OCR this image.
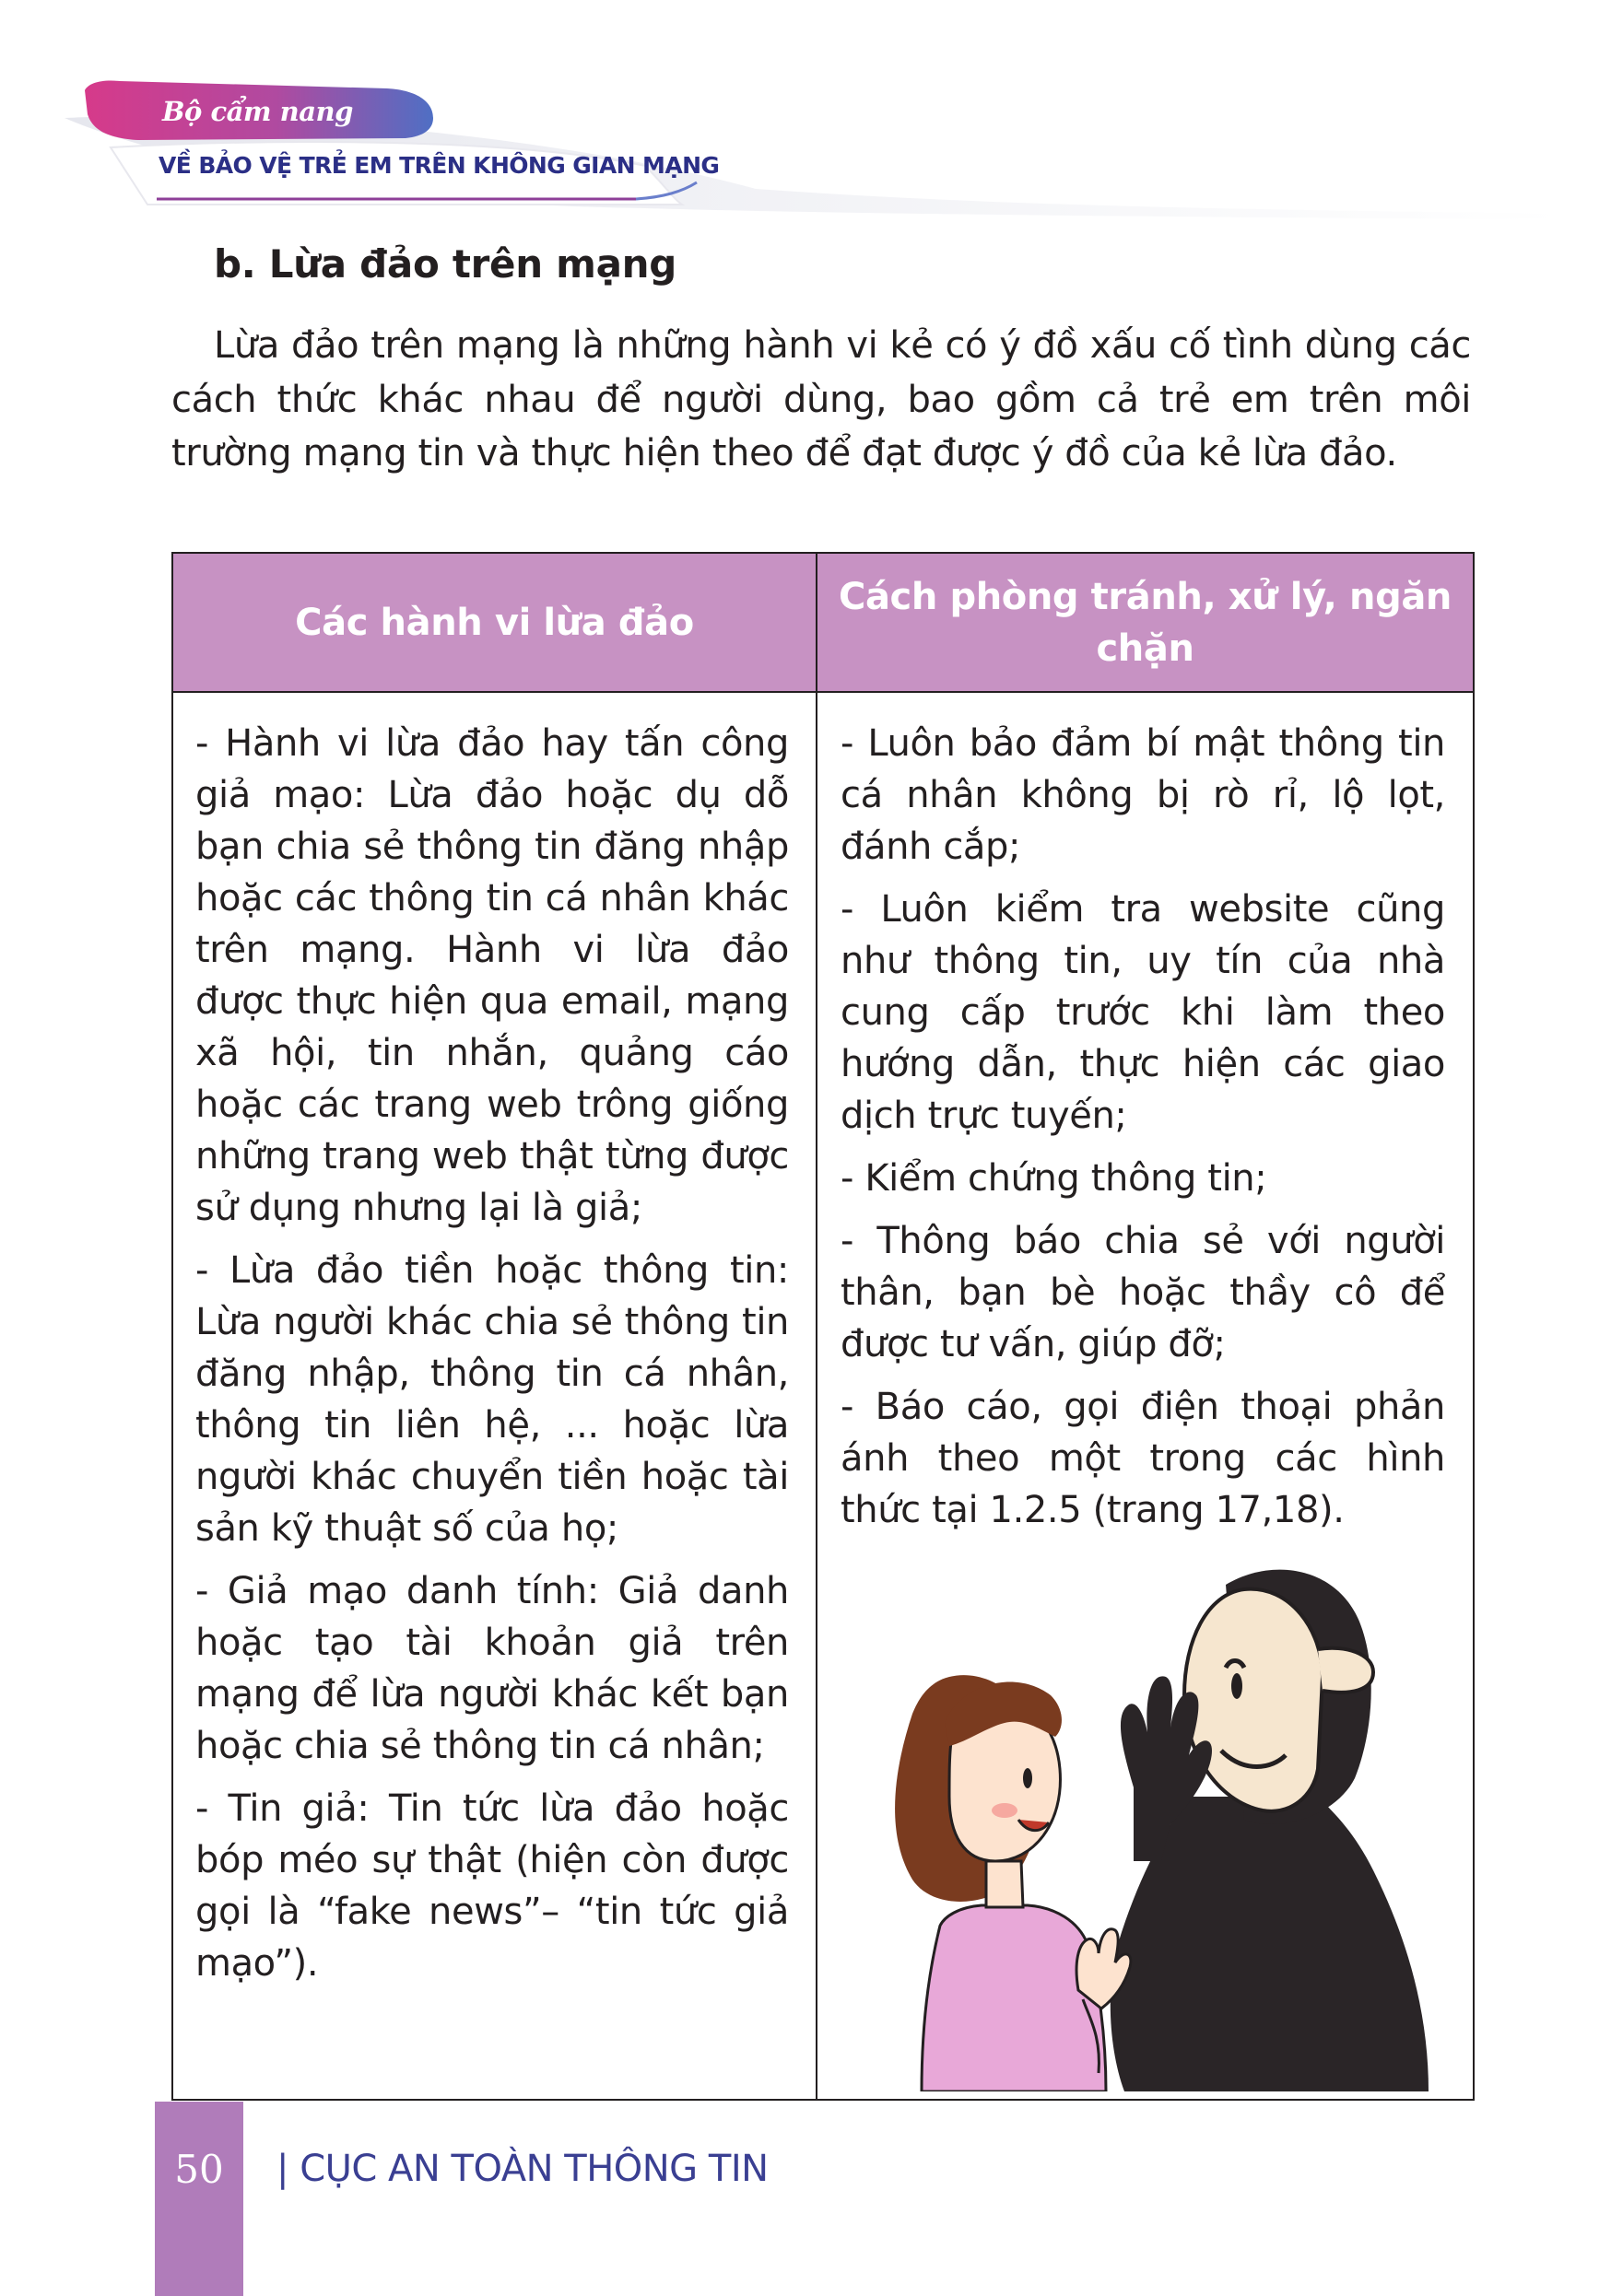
Bộ cẩm nang
VỀ BẢO VỆ TRẺ EM TRÊN KHÔNG GIAN MẠNG
b. Lừa đảo trên mạng

Lừa đảo trên mạng là những hành vi kẻ có ý đồ xấu cố tình dùng các cách thức khác nhau để người dùng, bao gồm cả trẻ em trên môi trường mạng tin và thực hiện theo để đạt được ý đồ của kẻ lừa đảo.

Các hành vi lừa đảo
Cách phòng tránh, xử lý, ngăn chặn

- Hành vi lừa đảo hay tấn công giả mạo: Lừa đảo hoặc dụ dỗ bạn chia sẻ thông tin đăng nhập hoặc các thông tin cá nhân khác trên mạng. Hành vi lừa đảo được thực hiện qua email, mạng xã hội, tin nhắn, quảng cáo hoặc các trang web trông giống những trang web thật từng được sử dụng nhưng lại là giả;

- Lừa đảo tiền hoặc thông tin: Lừa người khác chia sẻ thông tin đăng nhập, thông tin cá nhân, thông tin liên hệ, ... hoặc lừa người khác chuyển tiền hoặc tài sản kỹ thuật số của họ;

- Giả mạo danh tính: Giả danh hoặc tạo tài khoản giả trên mạng để lừa người khác kết bạn hoặc chia sẻ thông tin cá nhân;

- Tin giả: Tin tức lừa đảo hoặc bóp méo sự thật (hiện còn được gọi là “fake news”– “tin tức giả mạo”).

- Luôn bảo đảm bí mật thông tin cá nhân không bị rò rỉ, lộ lọt, đánh cắp;

- Luôn kiểm tra website cũng như thông tin, uy tín của nhà cung cấp trước khi làm theo hướng dẫn, thực hiện các giao dịch trực tuyến;

- Kiểm chứng thông tin;

- Thông báo chia sẻ với người thân, bạn bè hoặc thầy cô để được tư vấn, giúp đỡ;

- Báo cáo, gọi điện thoại phản ánh theo một trong các hình thức tại 1.2.5 (trang 17,18).

50	| CỤC AN TOÀN THÔNG TIN
